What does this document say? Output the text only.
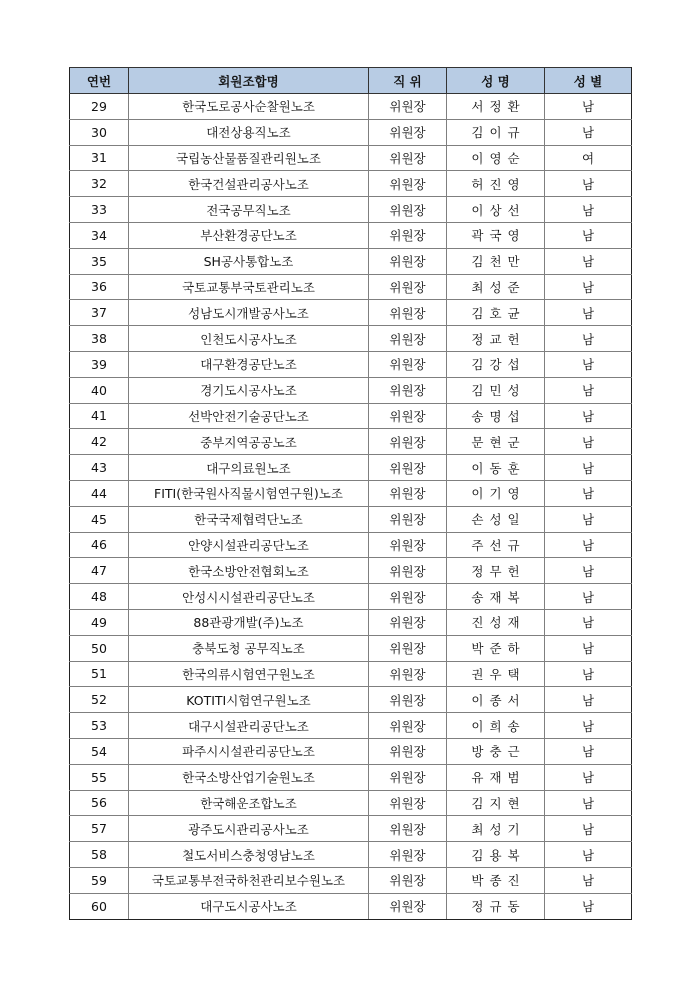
연번	회원조합명	직 위	성 명	성 별
29	한국도로공사순찰원노조	위원장	서정환	남
30	대전상용직노조	위원장	김이규	남
31	국립농산물품질관리원노조	위원장	이영순	여
32	한국건설관리공사노조	위원장	허진영	남
33	전국공무직노조	위원장	이상선	남
34	부산환경공단노조	위원장	곽국영	남
35	SH공사통합노조	위원장	김천만	남
36	국토교통부국토관리노조	위원장	최성준	남
37	성남도시개발공사노조	위원장	김호균	남
38	인천도시공사노조	위원장	정교헌	남
39	대구환경공단노조	위원장	김강섭	남
40	경기도시공사노조	위원장	김민성	남
41	선박안전기술공단노조	위원장	송명섭	남
42	중부지역공공노조	위원장	문현군	남
43	대구의료원노조	위원장	이동훈	남
44	FITI(한국원사직물시험연구원)노조	위원장	이기영	남
45	한국국제협력단노조	위원장	손성일	남
46	안양시설관리공단노조	위원장	주선규	남
47	한국소방안전협회노조	위원장	정무헌	남
48	안성시시설관리공단노조	위원장	송재복	남
49	88관광개발(주)노조	위원장	진성재	남
50	충북도청 공무직노조	위원장	박준하	남
51	한국의류시험연구원노조	위원장	권우택	남
52	KOTITI시험연구원노조	위원장	이종서	남
53	대구시설관리공단노조	위원장	이희송	남
54	파주시시설관리공단노조	위원장	방충근	남
55	한국소방산업기술원노조	위원장	유재범	남
56	한국해운조합노조	위원장	김지현	남
57	광주도시관리공사노조	위원장	최성기	남
58	철도서비스충청영남노조	위원장	김용복	남
59	국토교통부전국하천관리보수원노조	위원장	박종진	남
60	대구도시공사노조	위원장	정규동	남
